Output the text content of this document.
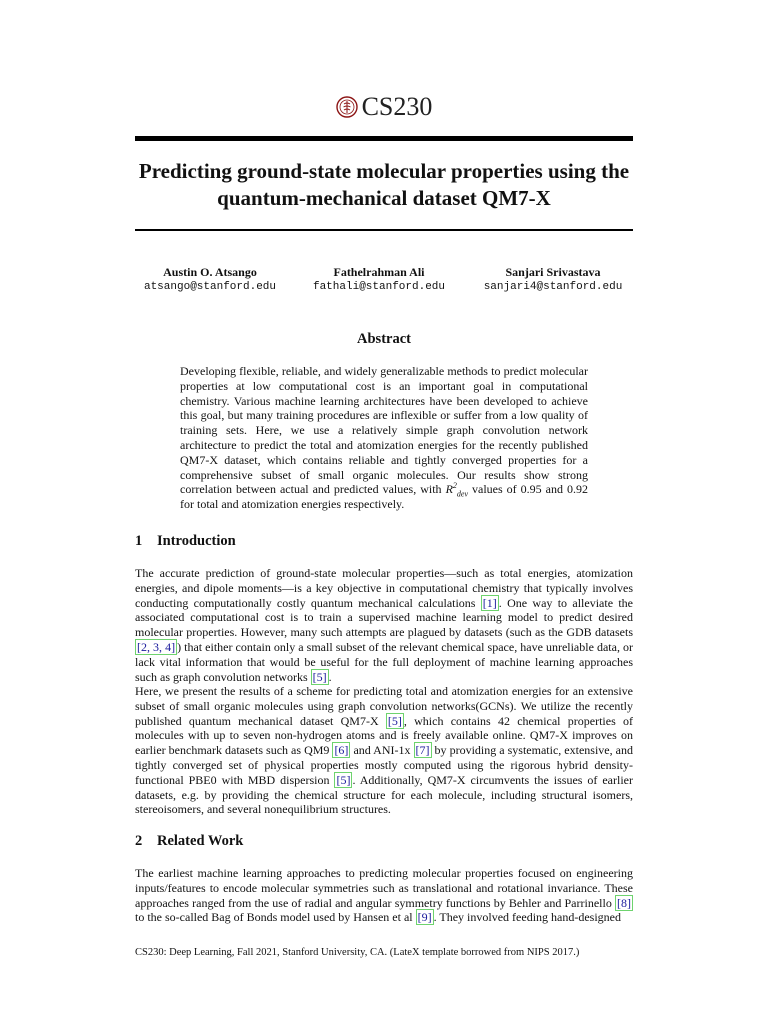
CS230
Predicting ground-state molecular properties using the quantum-mechanical dataset QM7-X
Austin O. Atsango
atsango@stanford.edu
Fathelrahman Ali
fathali@stanford.edu
Sanjari Srivastava
sanjari4@stanford.edu
Abstract

Developing flexible, reliable, and widely generalizable methods to predict molecular properties at low computational cost is an important goal in computational chemistry. Various machine learning architectures have been developed to achieve this goal, but many training procedures are inflexible or suffer from a low quality of training sets. Here, we use a relatively simple graph convolution network architecture to predict the total and atomization energies for the recently published QM7-X dataset, which contains reliable and tightly converged properties for a comprehensive subset of small organic molecules. Our results show strong correlation between actual and predicted values, with $R^2_{dev}$ values of 0.95 and 0.92 for total and atomization energies respectively.

1 Introduction

The accurate prediction of ground-state molecular properties—such as total energies, atomization energies, and dipole moments—is a key objective in computational chemistry that typically involves conducting computationally costly quantum mechanical calculations [1] . One way to alleviate the associated computational cost is to train a supervised machine learning model to predict desired molecular properties. However, many such attempts are plagued by datasets (such as the GDB datasets [2, 3, 4] ) that either contain only a small subset of the relevant chemical space, have unreliable data, or lack vital information that would be useful for the full deployment of machine learning approaches such as graph convolution networks [5] .

Here, we present the results of a scheme for predicting total and atomization energies for an extensive subset of small organic molecules using graph convolution networks(GCNs). We utilize the recently published quantum mechanical dataset QM7-X [5] , which contains 42 chemical properties of molecules with up to seven non-hydrogen atoms and is freely available online. QM7-X improves on earlier benchmark datasets such as QM9 [6] and ANI-1x [7] by providing a systematic, extensive, and tightly converged set of physical properties mostly computed using the rigorous hybrid density-functional PBE0 with MBD dispersion [5] . Additionally, QM7-X circumvents the issues of earlier datasets, e.g. by providing the chemical structure for each molecule, including structural isomers, stereoisomers, and several nonequilibrium structures.

2 Related Work

The earliest machine learning approaches to predicting molecular properties focused on engineering inputs/features to encode molecular symmetries such as translational and rotational invariance. These approaches ranged from the use of radial and angular symmetry functions by Behler and Parrinello [8] to the so-called Bag of Bonds model used by Hansen et al [9] . They involved feeding hand-designed

CS230: Deep Learning, Fall 2021, Stanford University, CA. (LateX template borrowed from NIPS 2017.)
